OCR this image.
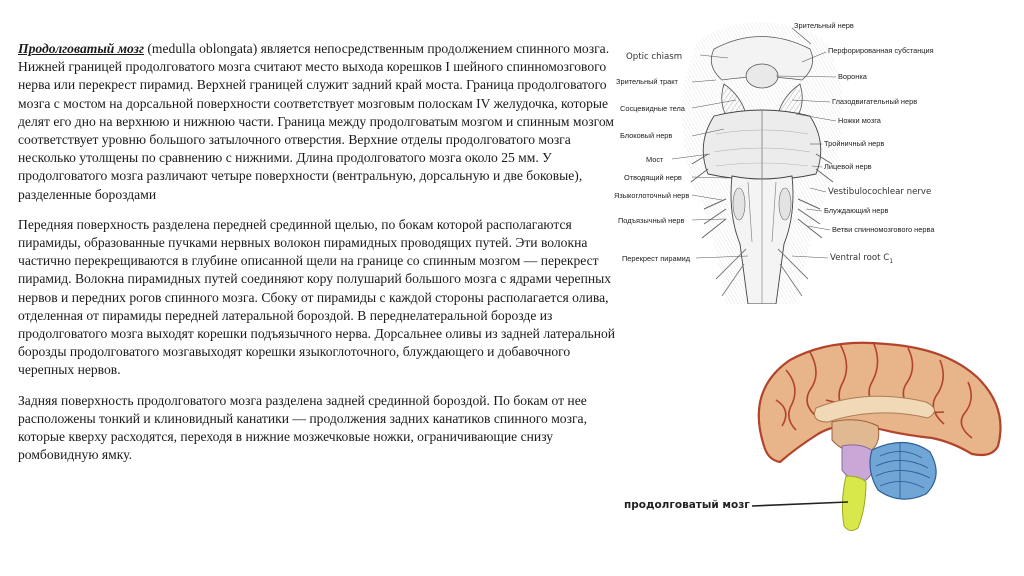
Продолговатый мозг (medulla oblongata) является непосредственным продолжением спинного мозга. Нижней границей продолговатого мозга считают место выхода корешков I шейного спинномозгового нерва или перекрест пирамид. Верхней границей служит задний край моста. Граница продолговатого мозга с мостом на дорсальной поверхности соответствует мозговым полоскам IV желудочка, которые делят его дно на верхнюю и нижнюю части. Граница между продолговатым мозгом и спинным мозгом соответствует уровню большого затылочного отверстия. Верхние отделы продолговатого мозга несколько утолщены по сравнению с нижними. Длина продолговатого мозга около 25 мм. У продолговатого мозга различают четыре поверхности (вентральную, дорсальную и две боковые), разделенные бороздами

Передняя поверхность разделена передней срединной щелью, по бокам которой располагаются пирамиды, образованные пучками нервных волокон пирамидных проводящих путей. Эти волокна частично перекрещиваются в глубине описанной щели на границе со спинным мозгом — перекрест пирамид. Волокна пирамидных путей соединяют кору полушарий большого мозга с ядрами черепных нервов и передних рогов спинного мозга. Сбоку от пирамиды с каждой стороны располагается олива, отделенная от пирамиды передней латеральной бороздой. В переднелатеральной борозде из продолговатого мозга выходят корешки подъязычного нерва. Дорсальнее оливы из задней латеральной борозды продолговатого мозгавыходят корешки языкоглоточного, блуждающего и добавочного черепных нервов.

Задняя поверхность продолговатого мозга разделена задней срединной бороздой. По бокам от нее расположены тонкий и клиновидный канатики — продолжения задних канатиков спинного мозга, которые кверху расходятся, переходя в нижние мозжечковые ножки, ограничивающие снизу ромбовидную ямку.

Optic chiasm
Зрительный тракт
Сосцевидные тела
Блоковый нерв
Мост
Отводящий нерв
Языкоглоточный нерв
Подъязычный нерв
Перекрест пирамид
Зрительный нерв
Перфорированная субстанция
Воронка
Глазодвигательный нерв
Ножки мозга
Тройничный нерв
Лицевой нерв
Vestibulocochlear nerve
Блуждающий нерв
Ветви спинномозгового нерва
Ventral root $C_1$
продолговатый мозг
